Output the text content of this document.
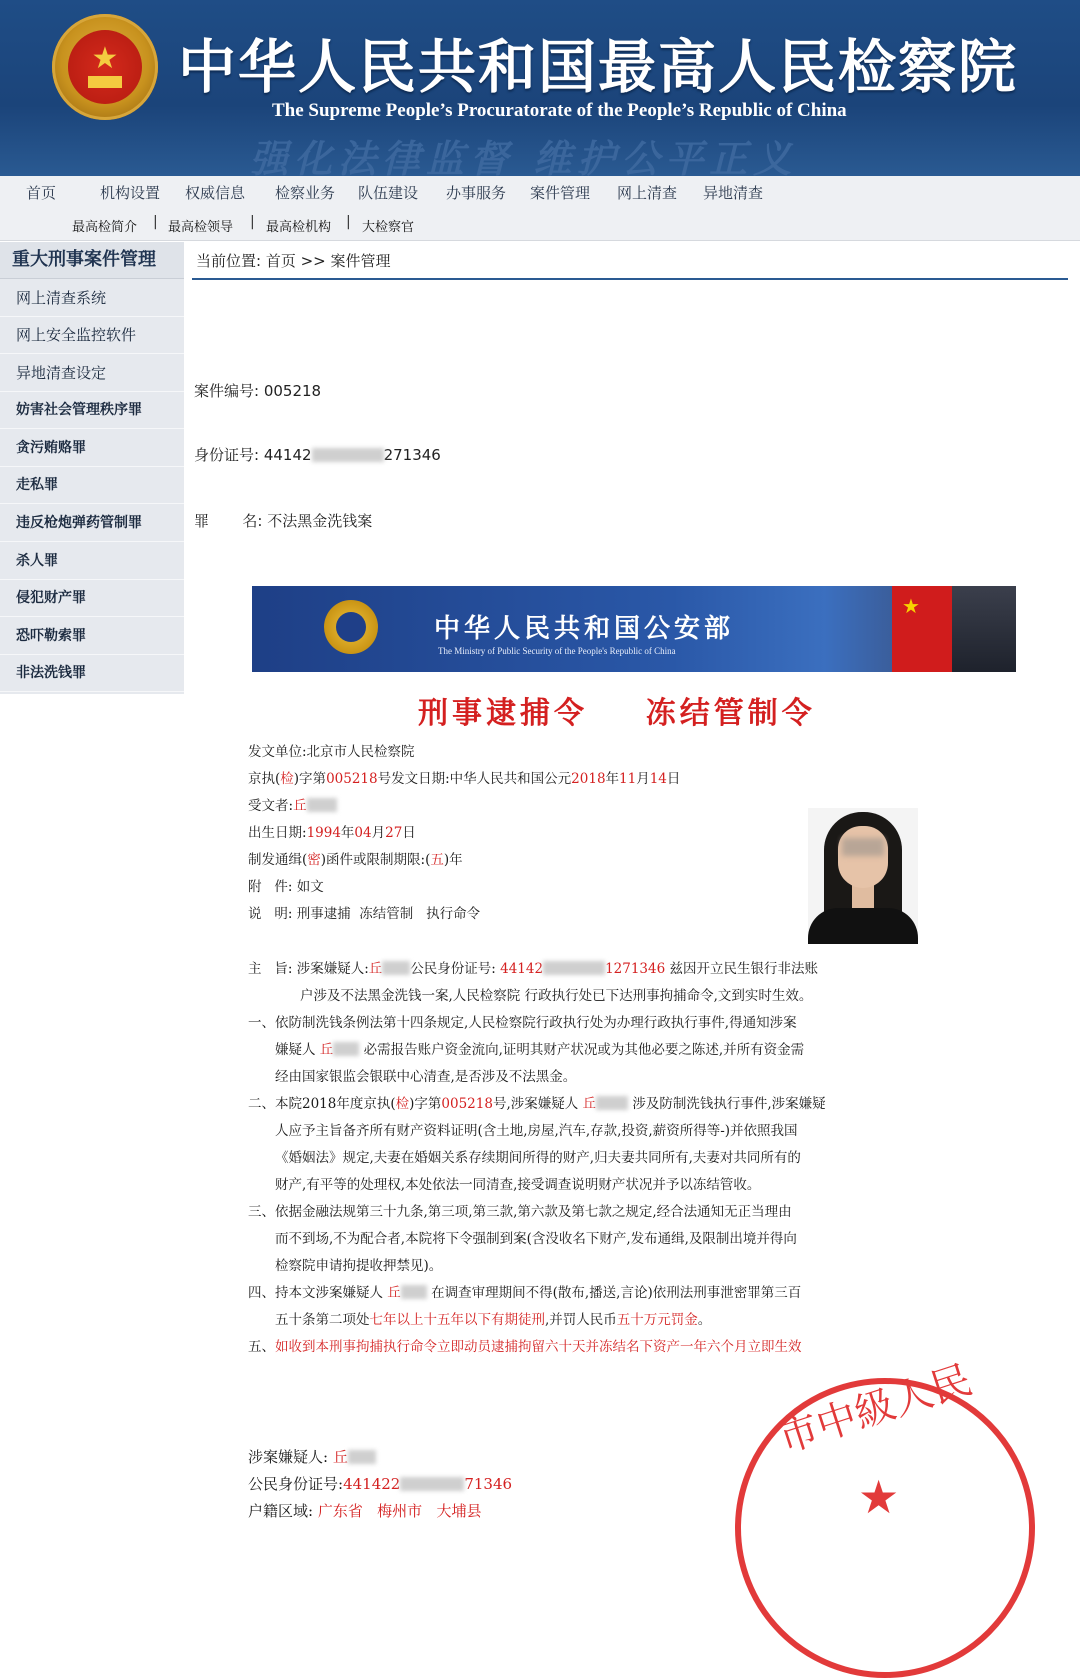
★	中华人民共和国最高人民检察院
The Supreme People’s Procuratorate of the People’s Republic of China
强化法律监督 维护公平正义
首页	机构设置 权威信息 检察业务 队伍建设 办事服务 案件管理 网上清查 异地清查
最高检简介 | 最高检领导 | 最高检机构 | 大检察官
重大刑事案件管理
网上清查系统
网上安全监控软件
异地清查设定
妨害社会管理秩序罪
贪污贿赂罪
走私罪
违反枪炮弹药管制罪
杀人罪
侵犯财产罪
恐吓勒索罪
非法洗钱罪
当前位置: 首页 >> 案件管理
案件编号: 005218
身份证号: 44142	271346
罪       名: 不法黑金洗钱案
中华人民共和国公安部
The Ministry of Public Security of the People's Republic of China
★
刑事逮捕令    冻结管制令
发文单位:北京市人民检察院
京执(检)字第005218号发文日期:中华人民共和国公元2018年11月14日
受文者:丘
出生日期:1994年04月27日
制发通缉(密)函件或限制期限:(五)年
附   件: 如文
说   明: 刑事逮捕  冻结管制   执行命令
主   旨: 涉案嫌疑人:丘 公民身份证号: 44142	1271346 兹因开立民生银行非法账
户涉及不法黑金洗钱一案,人民检察院 行政执行处已下达刑事拘捕命令,文到实时生效。
一、依防制洗钱条例法第十四条规定,人民检察院行政执行处为办理行政执行事件,得通知涉案
嫌疑人 丘 必需报告账户资金流向,证明其财产状况或为其他必要之陈述,并所有资金需
经由国家银监会银联中心清查,是否涉及不法黑金。
二、本院2018年度京执(检)字第005218号,涉案嫌疑人 丘	涉及防制洗钱执行事件,涉案嫌疑
人应予主旨备齐所有财产资料证明(含土地,房屋,汽车,存款,投资,薪资所得等-)并依照我国
《婚姻法》规定,夫妻在婚姻关系存续期间所得的财产,归夫妻共同所有,夫妻对共同所有的
财产,有平等的处理权,本处依法一同清查,接受调查说明财产状况并予以冻结管收。
三、依据金融法规第三十九条,第三项,第三款,第六款及第七款之规定,经合法通知无正当理由
而不到场,不为配合者,本院将下令强制到案(含没收名下财产,发布通缉,及限制出境并得向
检察院申请拘提收押禁见)。
四、持本文涉案嫌疑人 丘 在调查审理期间不得(散布,播送,言论)依刑法刑事泄密罪第三百
五十条第二项处七年以上十五年以下有期徒刑,并罚人民币五十万元罚金。
五、如收到本刑事拘捕执行命令立即动员逮捕拘留六十天并冻结名下资产一年六个月立即生效
市中級人民
★
涉案嫌疑人: 丘
公民身份证号:441422	71346
户籍区域: 广东省   梅州市   大埔县
